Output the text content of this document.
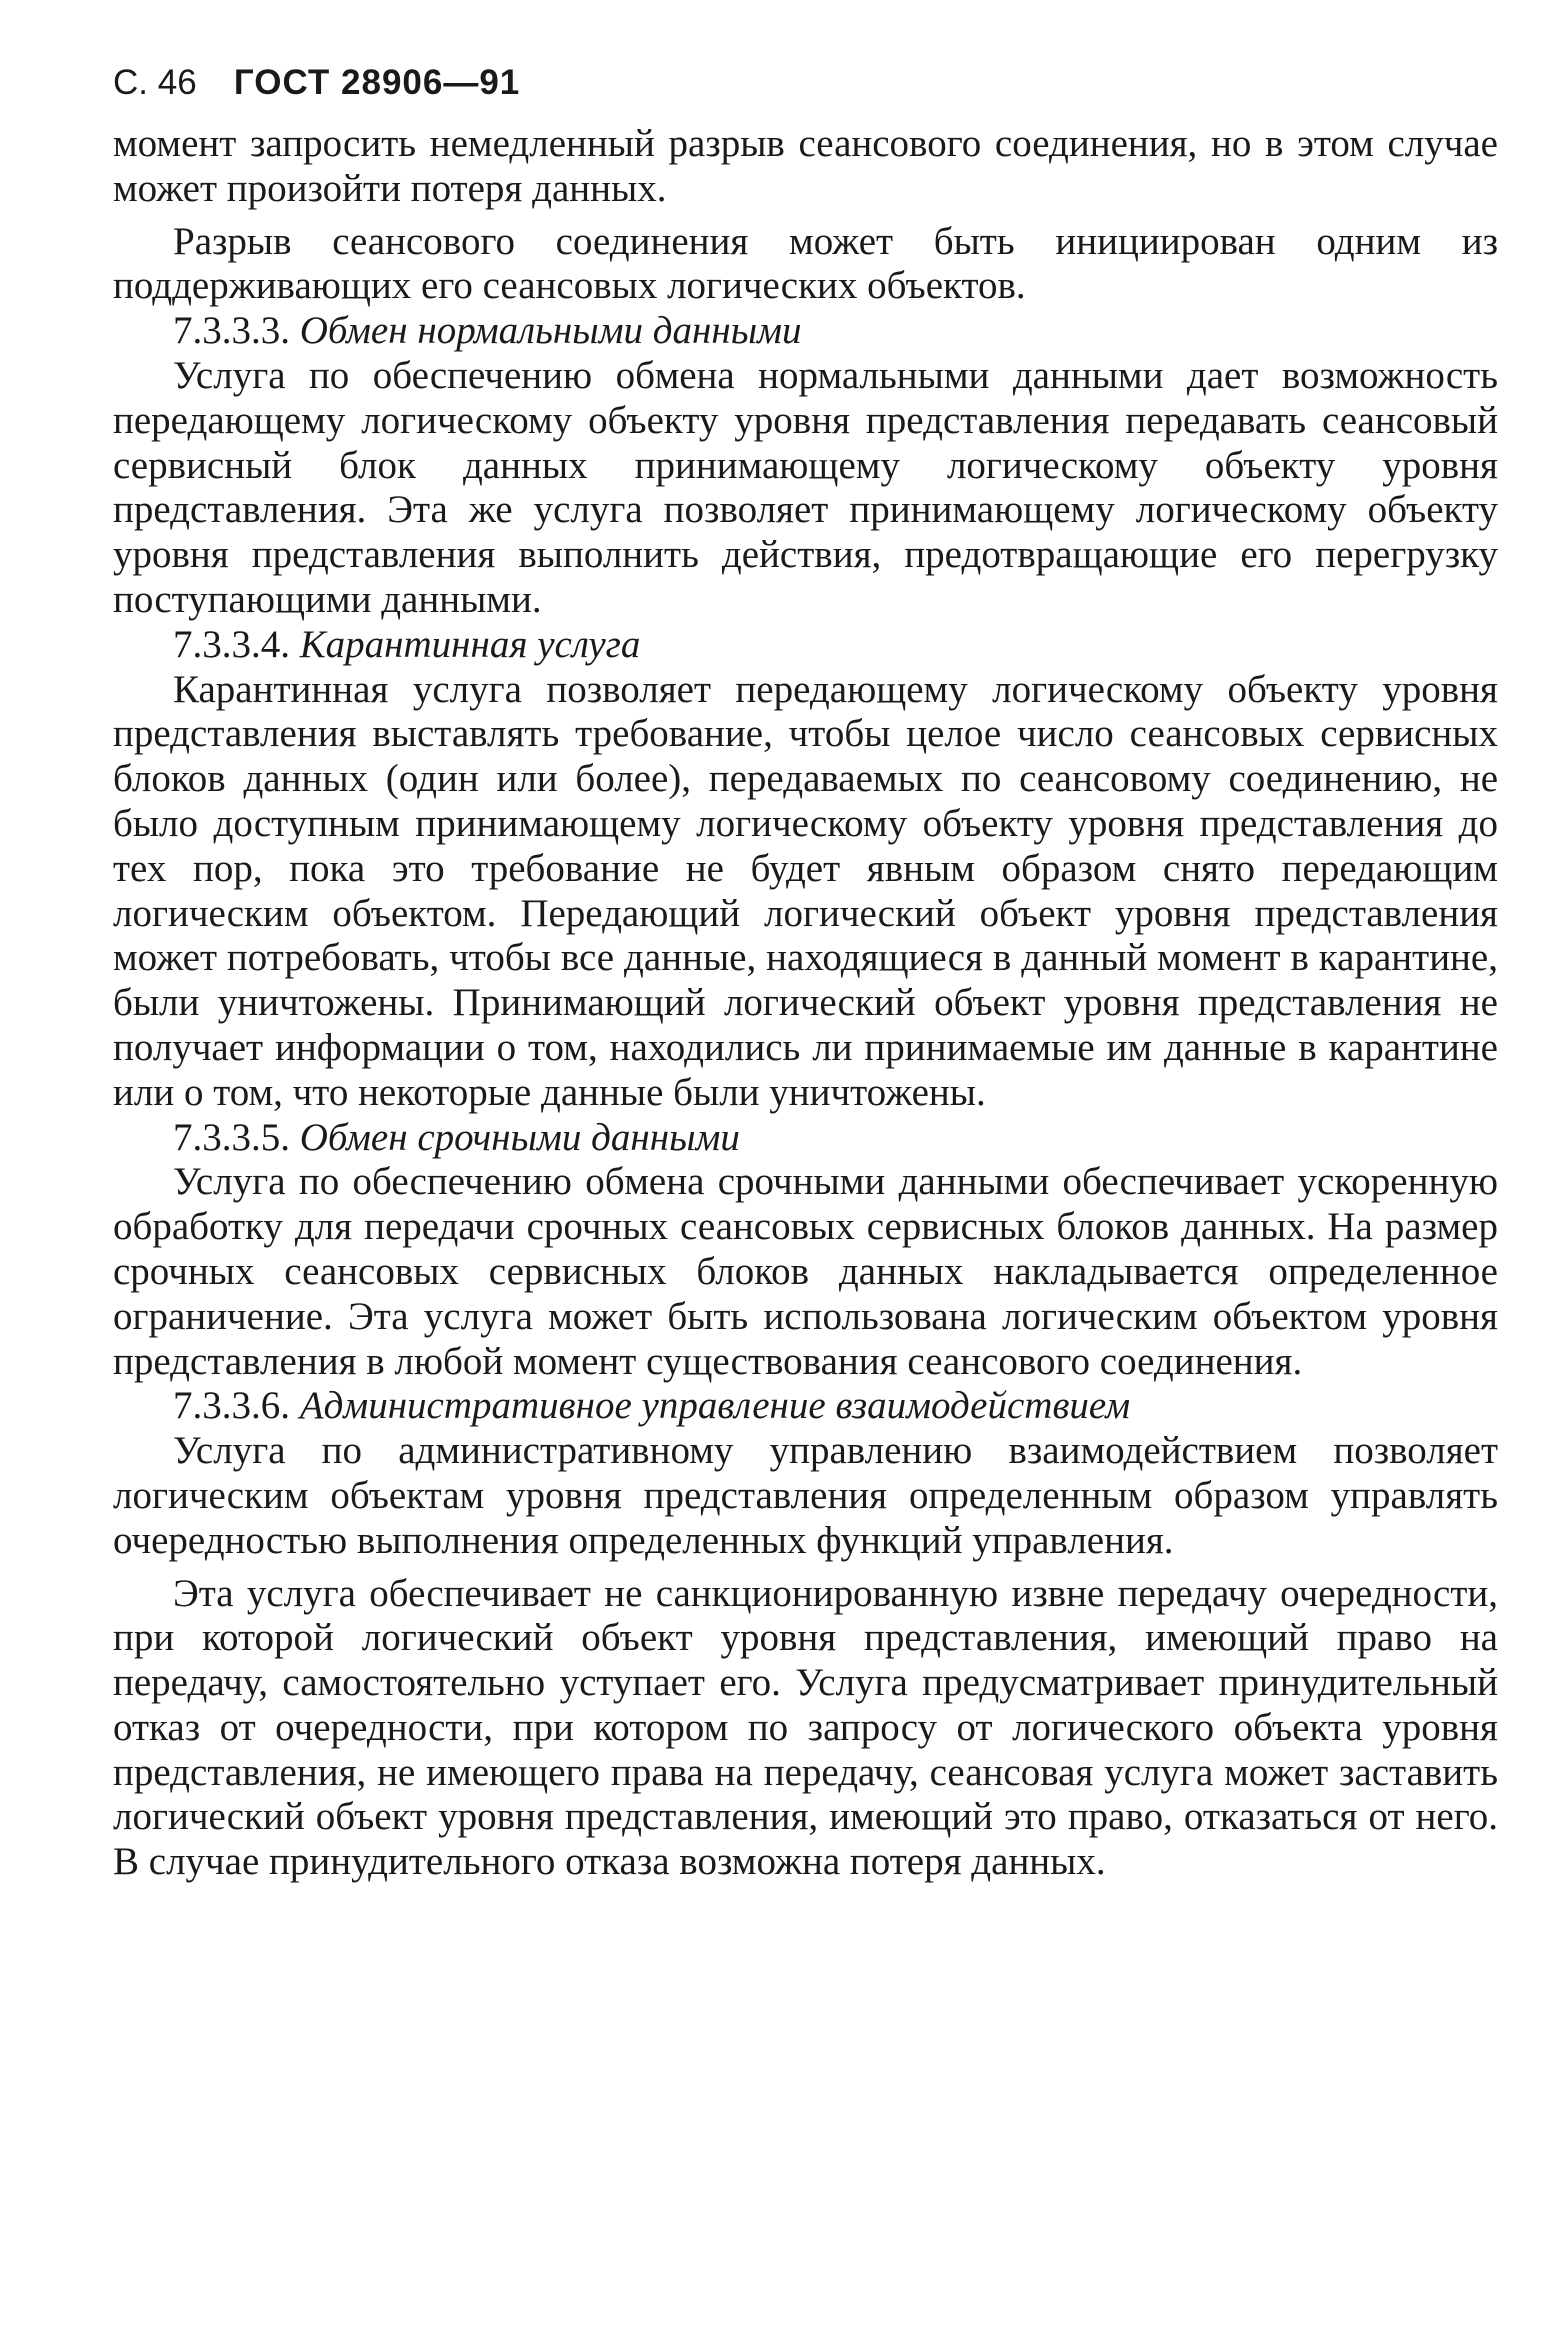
С. 46 ГОСТ 28906—91

момент запросить немедленный разрыв сеансового соединения, но в этом случае может произойти потеря данных.

Разрыв сеансового соединения может быть инициирован одним из поддерживающих его сеансовых логических объектов.

7.3.3.3. Обмен нормальными данными

Услуга по обеспечению обмена нормальными данными дает возможность передающему логическому объекту уровня представления передавать сеансовый сервисный блок данных принимающему логическому объекту уровня представления. Эта же услуга позволяет принимающему логическому объекту уровня представления выполнить действия, предотвращающие его перегрузку поступающими данными.

7.3.3.4. Карантинная услуга

Карантинная услуга позволяет передающему логическому объекту уровня представления выставлять требование, чтобы целое число сеансовых сервисных блоков данных (один или более), передаваемых по сеансовому соединению, не было доступным принимающему логическому объекту уровня представления до тех пор, пока это требование не будет явным образом снято передающим логическим объектом. Передающий логический объект уровня представления может потребовать, чтобы все данные, находящиеся в данный момент в карантине, были уничтожены. Принимающий логический объект уровня представления не получает информации о том, находились ли принимаемые им данные в карантине или о том, что некоторые данные были уничтожены.

7.3.3.5. Обмен срочными данными

Услуга по обеспечению обмена срочными данными обеспечивает ускоренную обработку для передачи срочных сеансовых сервисных блоков данных. На размер срочных сеансовых сервисных блоков данных накладывается определенное ограничение. Эта услуга может быть использована логическим объектом уровня представления в любой момент существования сеансового соединения.

7.3.3.6. Административное управление взаимодействием

Услуга по административному управлению взаимодействием позволяет логическим объектам уровня представления определенным образом управлять очередностью выполнения определенных функций управления.

Эта услуга обеспечивает не санкционированную извне передачу очередности, при которой логический объект уровня представления, имеющий право на передачу, самостоятельно уступает его. Услуга предусматривает принудительный отказ от очередности, при котором по запросу от логического объекта уровня представления, не имеющего права на передачу, сеансовая услуга может заставить логический объект уровня представления, имеющий это право, отказаться от него. В случае принудительного отказа возможна потеря данных.
